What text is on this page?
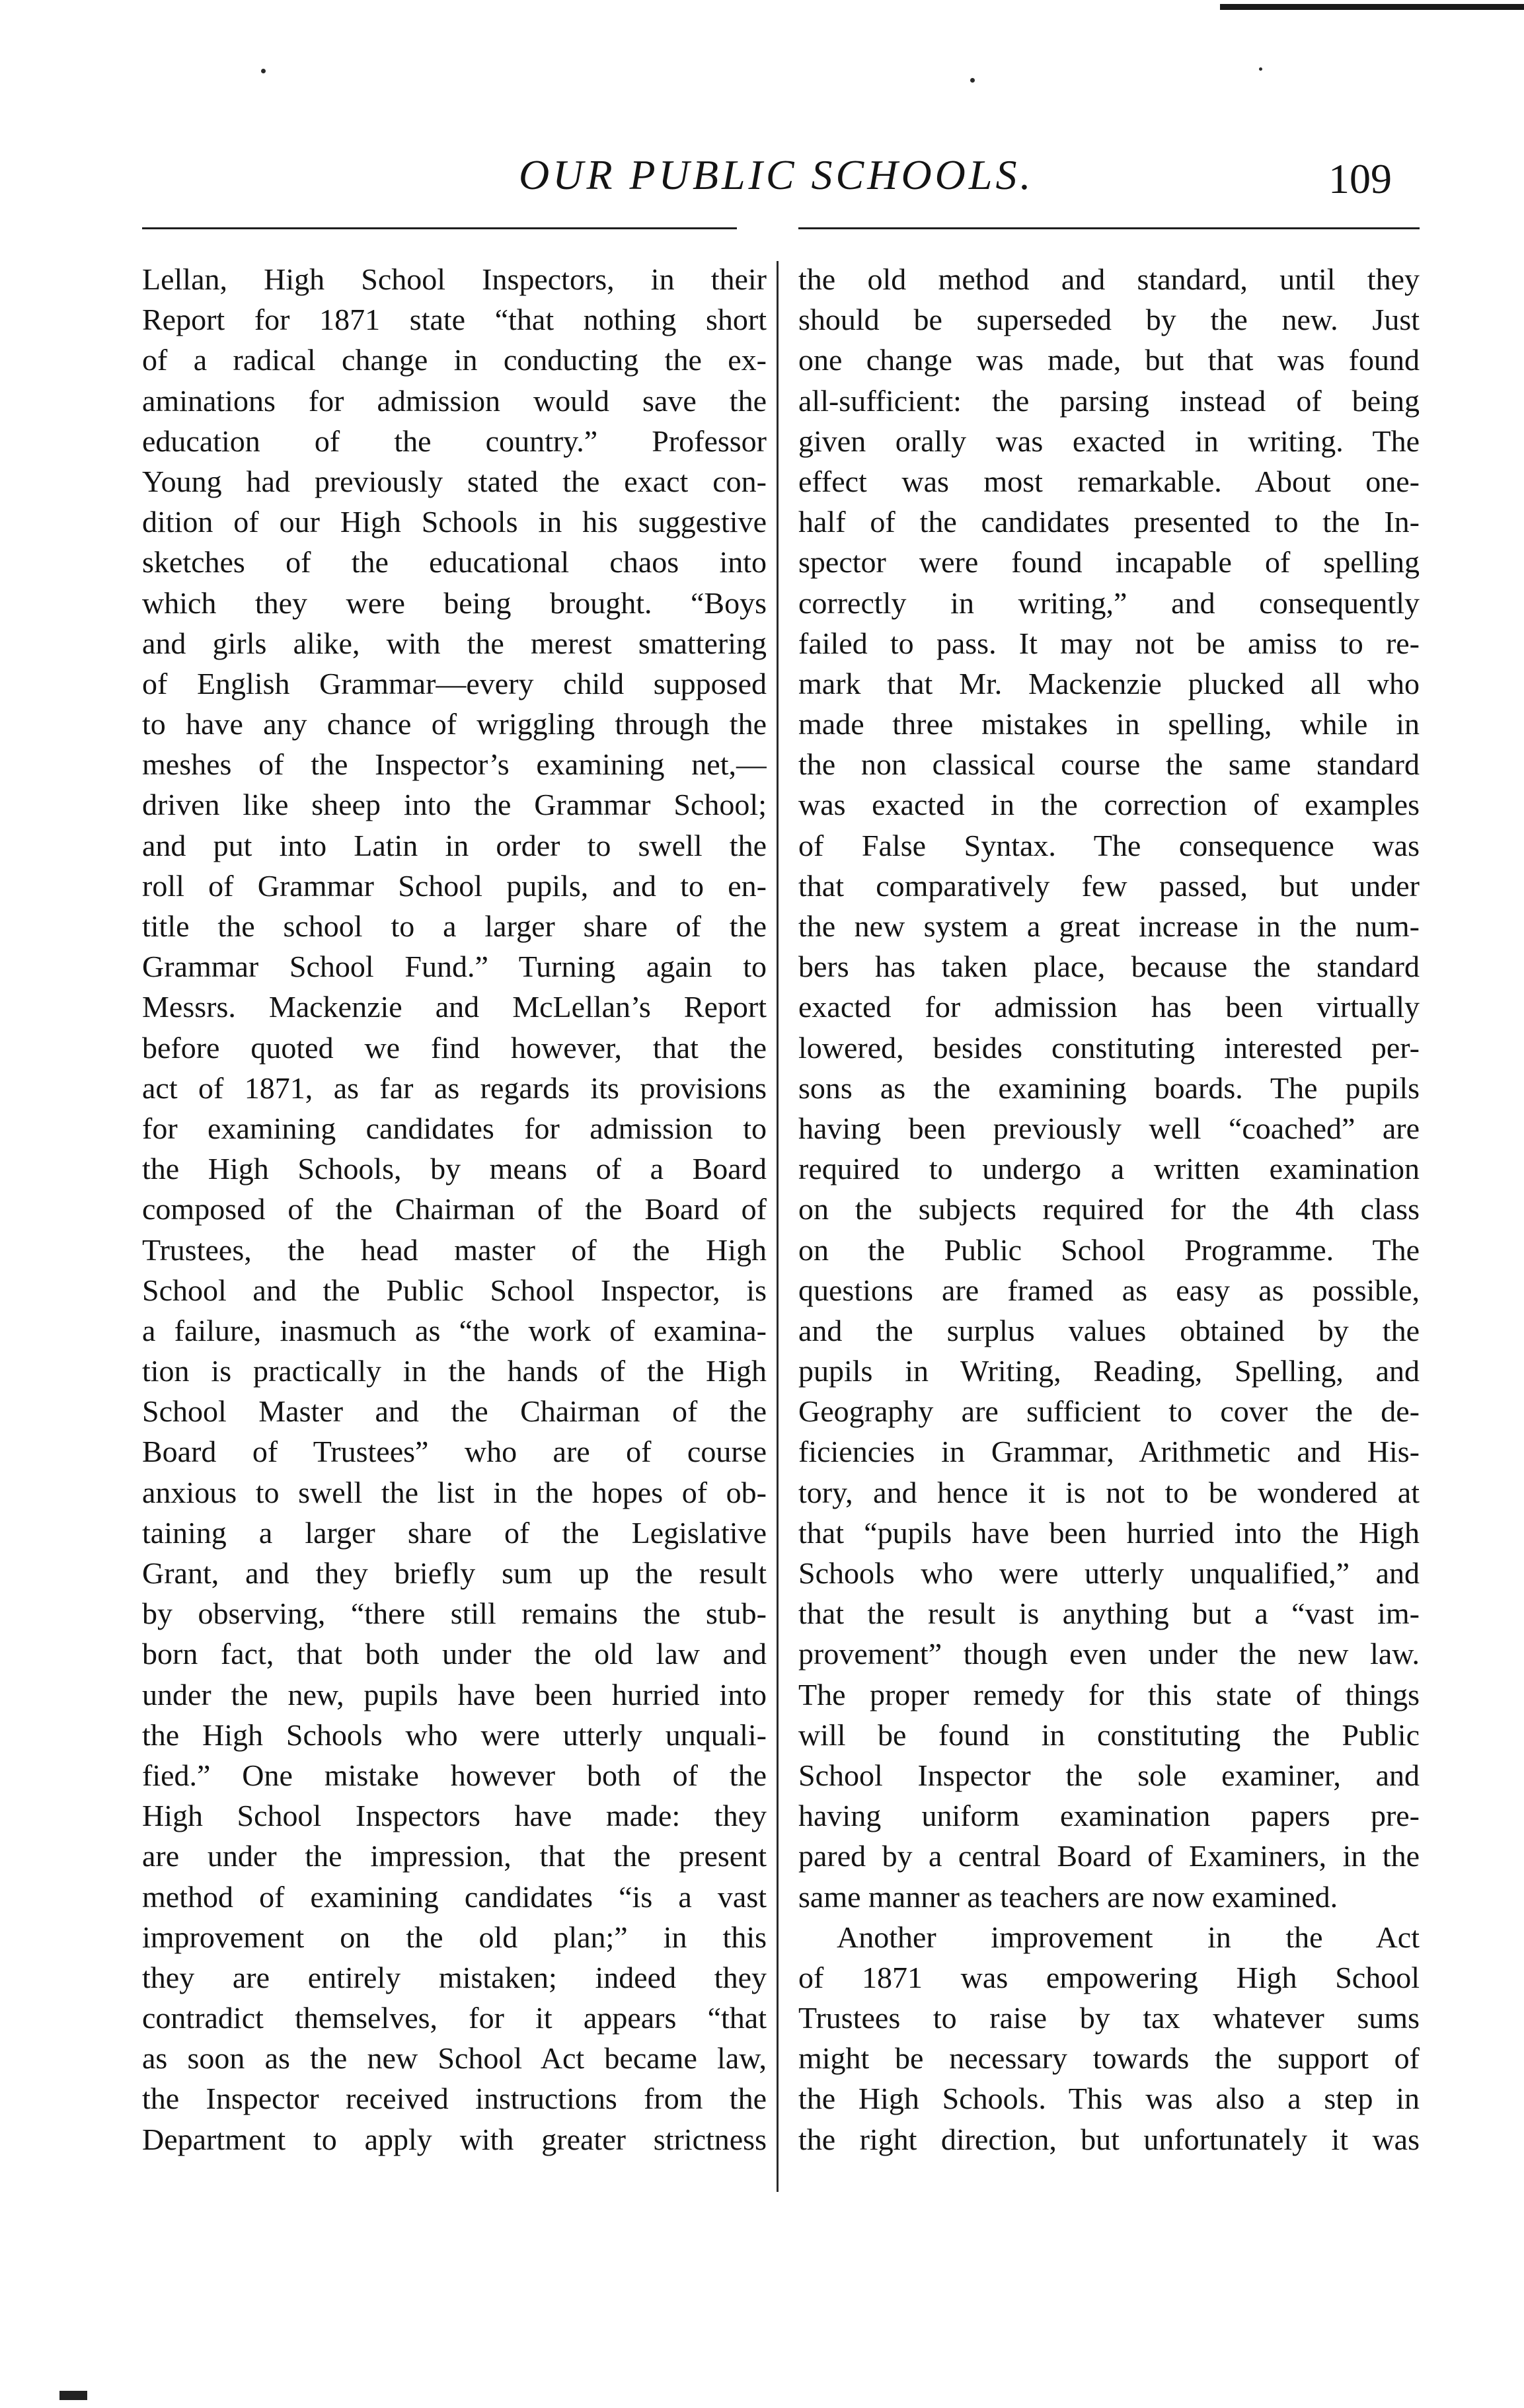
OUR PUBLIC SCHOOLS.	109
Lellan, High School Inspectors, in their
Report for 1871 state “that nothing short
of a radical change in conducting the ex-
aminations for admission would save the
education of the country.” Professor
Young had previously stated the exact con-
dition of our High Schools in his suggestive
sketches of the educational chaos into
which they were being brought. “Boys
and girls alike, with the merest smattering
of English Grammar—every child supposed
to have any chance of wriggling through the
meshes of the Inspector’s examining net,—
driven like sheep into the Grammar School;
and put into Latin in order to swell the
roll of Grammar School pupils, and to en-
title the school to a larger share of the
Grammar School Fund.” Turning again to
Messrs. Mackenzie and McLellan’s Report
before quoted we find however, that the
act of 1871, as far as regards its provisions
for examining candidates for admission to
the High Schools, by means of a Board
composed of the Chairman of the Board of
Trustees, the head master of the High
School and the Public School Inspector, is
a failure, inasmuch as “the work of examina-
tion is practically in the hands of the High
School Master and the Chairman of the
Board of Trustees” who are of course
anxious to swell the list in the hopes of ob-
taining a larger share of the Legislative
Grant, and they briefly sum up the result
by observing, “there still remains the stub-
born fact, that both under the old law and
under the new, pupils have been hurried into
the High Schools who were utterly unquali-
fied.” One mistake however both of the
High School Inspectors have made: they
are under the impression, that the present
method of examining candidates “is a vast
improvement on the old plan;” in this
they are entirely mistaken; indeed they
contradict themselves, for it appears “that
as soon as the new School Act became law,
the Inspector received instructions from the
Department to apply with greater strictness
the old method and standard, until they
should be superseded by the new. Just
one change was made, but that was found
all-sufficient: the parsing instead of being
given orally was exacted in writing. The
effect was most remarkable. About one-
half of the candidates presented to the In-
spector were found incapable of spelling
correctly in writing,” and consequently
failed to pass. It may not be amiss to re-
mark that Mr. Mackenzie plucked all who
made three mistakes in spelling, while in
the non classical course the same standard
was exacted in the correction of examples
of False Syntax. The consequence was
that comparatively few passed, but under
the new system a great increase in the num-
bers has taken place, because the standard
exacted for admission has been virtually
lowered, besides constituting interested per-
sons as the examining boards. The pupils
having been previously well “coached” are
required to undergo a written examination
on the subjects required for the 4th class
on the Public School Programme. The
questions are framed as easy as possible,
and the surplus values obtained by the
pupils in Writing, Reading, Spelling, and
Geography are sufficient to cover the de-
ficiencies in Grammar, Arithmetic and His-
tory, and hence it is not to be wondered at
that “pupils have been hurried into the High
Schools who were utterly unqualified,” and
that the result is anything but a “vast im-
provement” though even under the new law.
The proper remedy for this state of things
will be found in constituting the Public
School Inspector the sole examiner, and
having uniform examination papers pre-
pared by a central Board of Examiners, in the
same manner as teachers are now examined.
Another improvement in the Act
of 1871 was empowering High School
Trustees to raise by tax whatever sums
might be necessary towards the support of
the High Schools. This was also a step in
the right direction, but unfortunately it was
